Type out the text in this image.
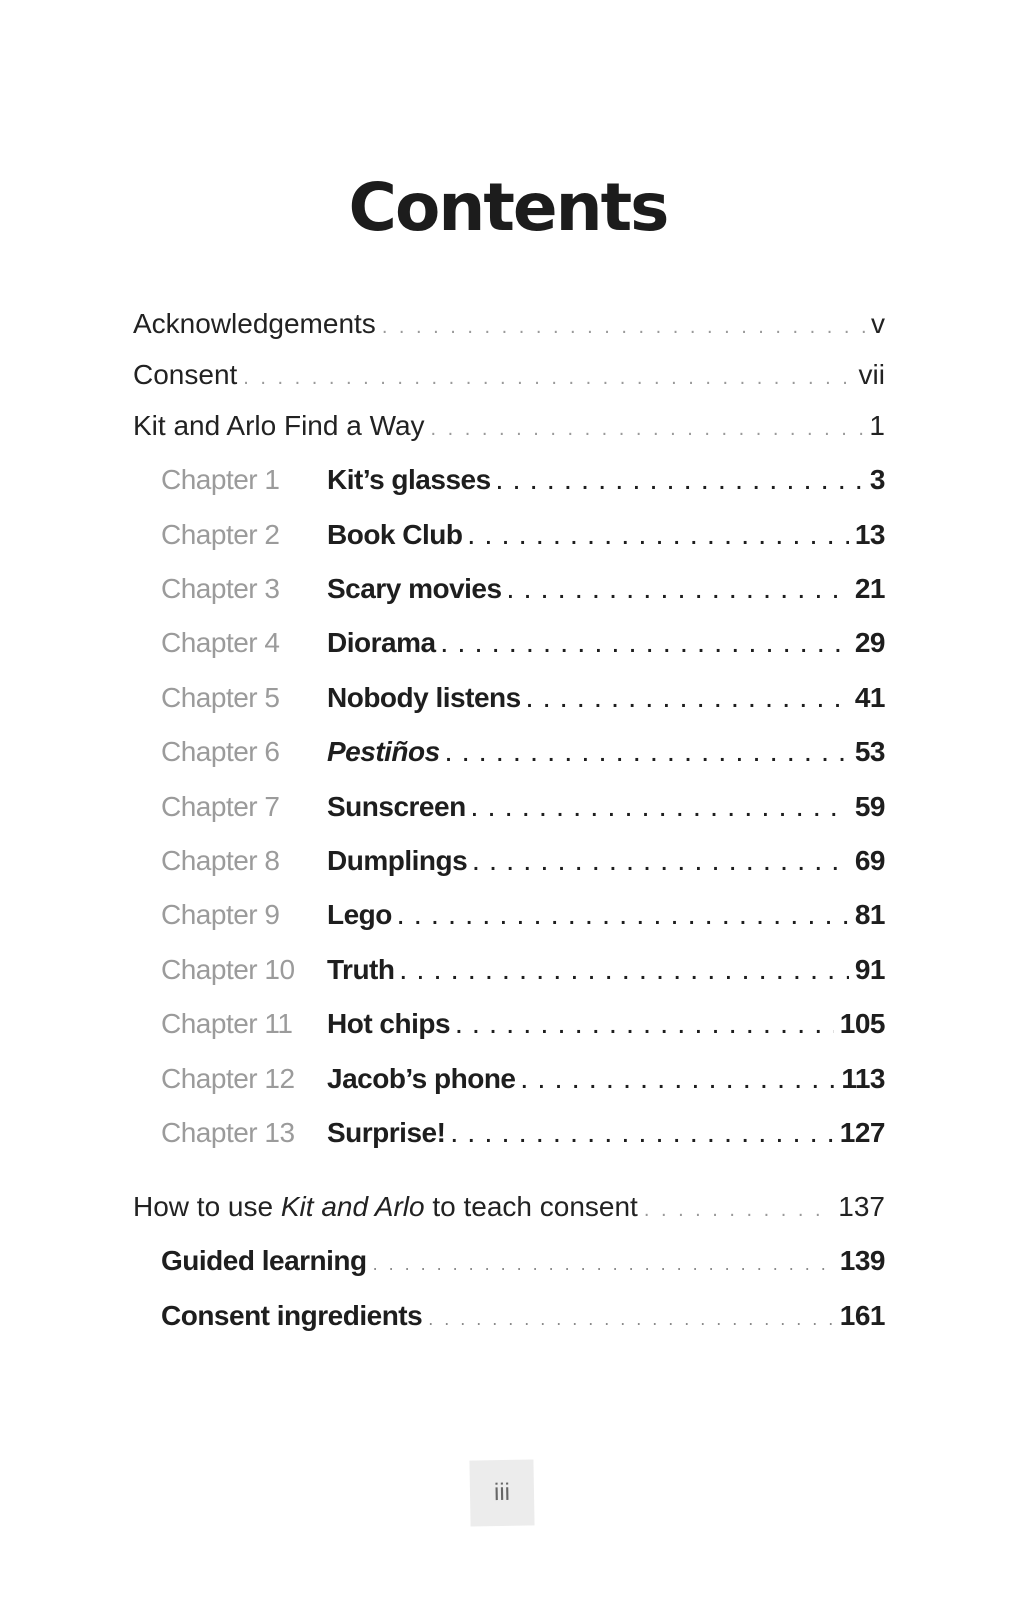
Contents
Acknowledgements . . .	v
Consent . . .	vii
Kit and Arlo Find a Way . . .	1
Chapter 1	Kit’s glasses . . .	3
Chapter 2	Book Club . . .	13
Chapter 3	Scary movies . . .	21
Chapter 4	Diorama . . .	29
Chapter 5	Nobody listens . . .	41
Chapter 6	Pestiños . . .	53
Chapter 7	Sunscreen . . .	59
Chapter 8	Dumplings . . .	69
Chapter 9	Lego . . .	81
Chapter 10	Truth . . .	91
Chapter 11	Hot chips . . .	105
Chapter 12	Jacob’s phone . . .	113
Chapter 13	Surprise! . . .	127
How to use Kit and Arlo to teach consent . . .	137
Guided learning . . .	139
Consent ingredients . . .	161
iii
